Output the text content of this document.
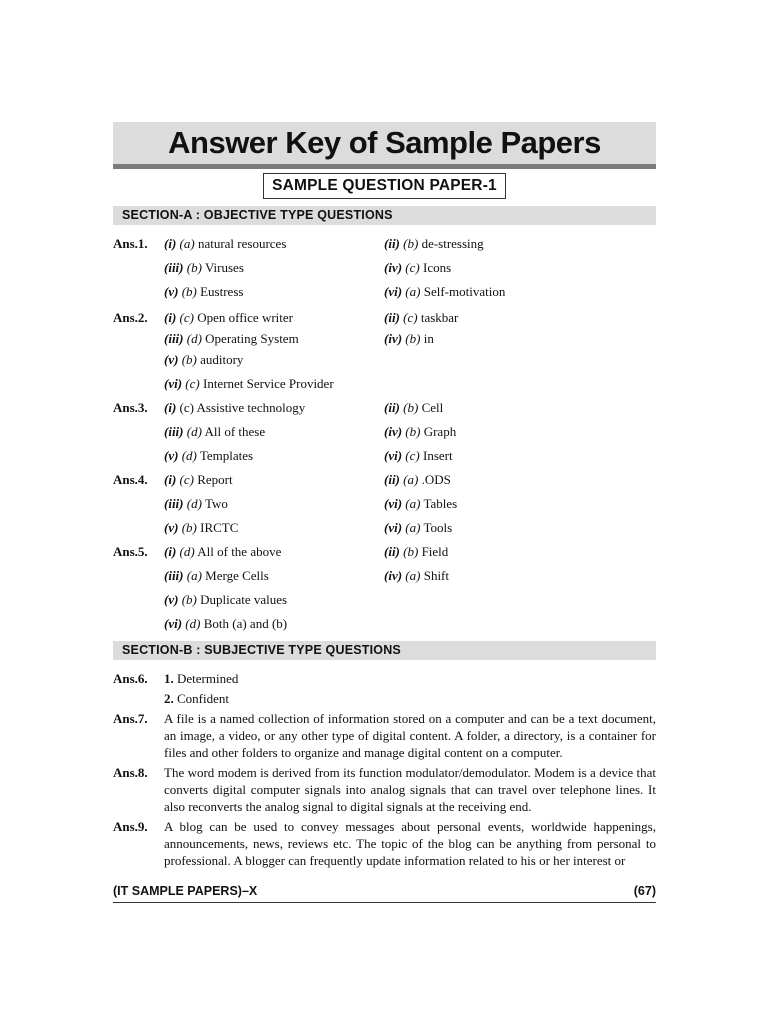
Answer Key of Sample Papers
SAMPLE QUESTION PAPER-1
SECTION-A : OBJECTIVE TYPE QUESTIONS
Ans.1.	(i) (a) natural resources	(ii) (b) de-stressing
(iii) (b) Viruses	(iv) (c) Icons
(v) (b) Eustress	(vi) (a) Self-motivation
Ans.2.	(i) (c) Open office writer	(ii) (c) taskbar
(iii) (d) Operating System	(iv) (b) in
(v) (b) auditory
(vi) (c) Internet Service Provider
Ans.3.	(i) (c) Assistive technology	(ii) (b) Cell
(iii) (d) All of these	(iv) (b) Graph
(v) (d) Templates	(vi) (c) Insert
Ans.4.	(i) (c) Report	(ii) (a) .ODS
(iii) (d) Two	(vi) (a) Tables
(v) (b) IRCTC	(vi) (a) Tools
Ans.5.	(i) (d) All of the above	(ii) (b) Field
(iii) (a) Merge Cells	(iv) (a) Shift
(v) (b) Duplicate values
(vi) (d) Both (a) and (b)
SECTION-B : SUBJECTIVE TYPE QUESTIONS
Ans.6.	1. Determined
2. Confident
Ans.7.	A file is a named collection of information stored on a computer and can be a text document, an image, a video, or any other type of digital content. A folder, a directory, is a container for files and other folders to organize and manage digital content on a computer.
Ans.8.	The word modem is derived from its function modulator/demodulator. Modem is a device that converts digital computer signals into analog signals that can travel over telephone lines. It also reconverts the analog signal to digital signals at the receiving end.
Ans.9.	A blog can be used to convey messages about personal events, worldwide happenings, announcements, news, reviews etc. The topic of the blog can be anything from personal to professional. A blogger can frequently update information related to his or her interest or
(IT SAMPLE PAPERS)–X	(67)
